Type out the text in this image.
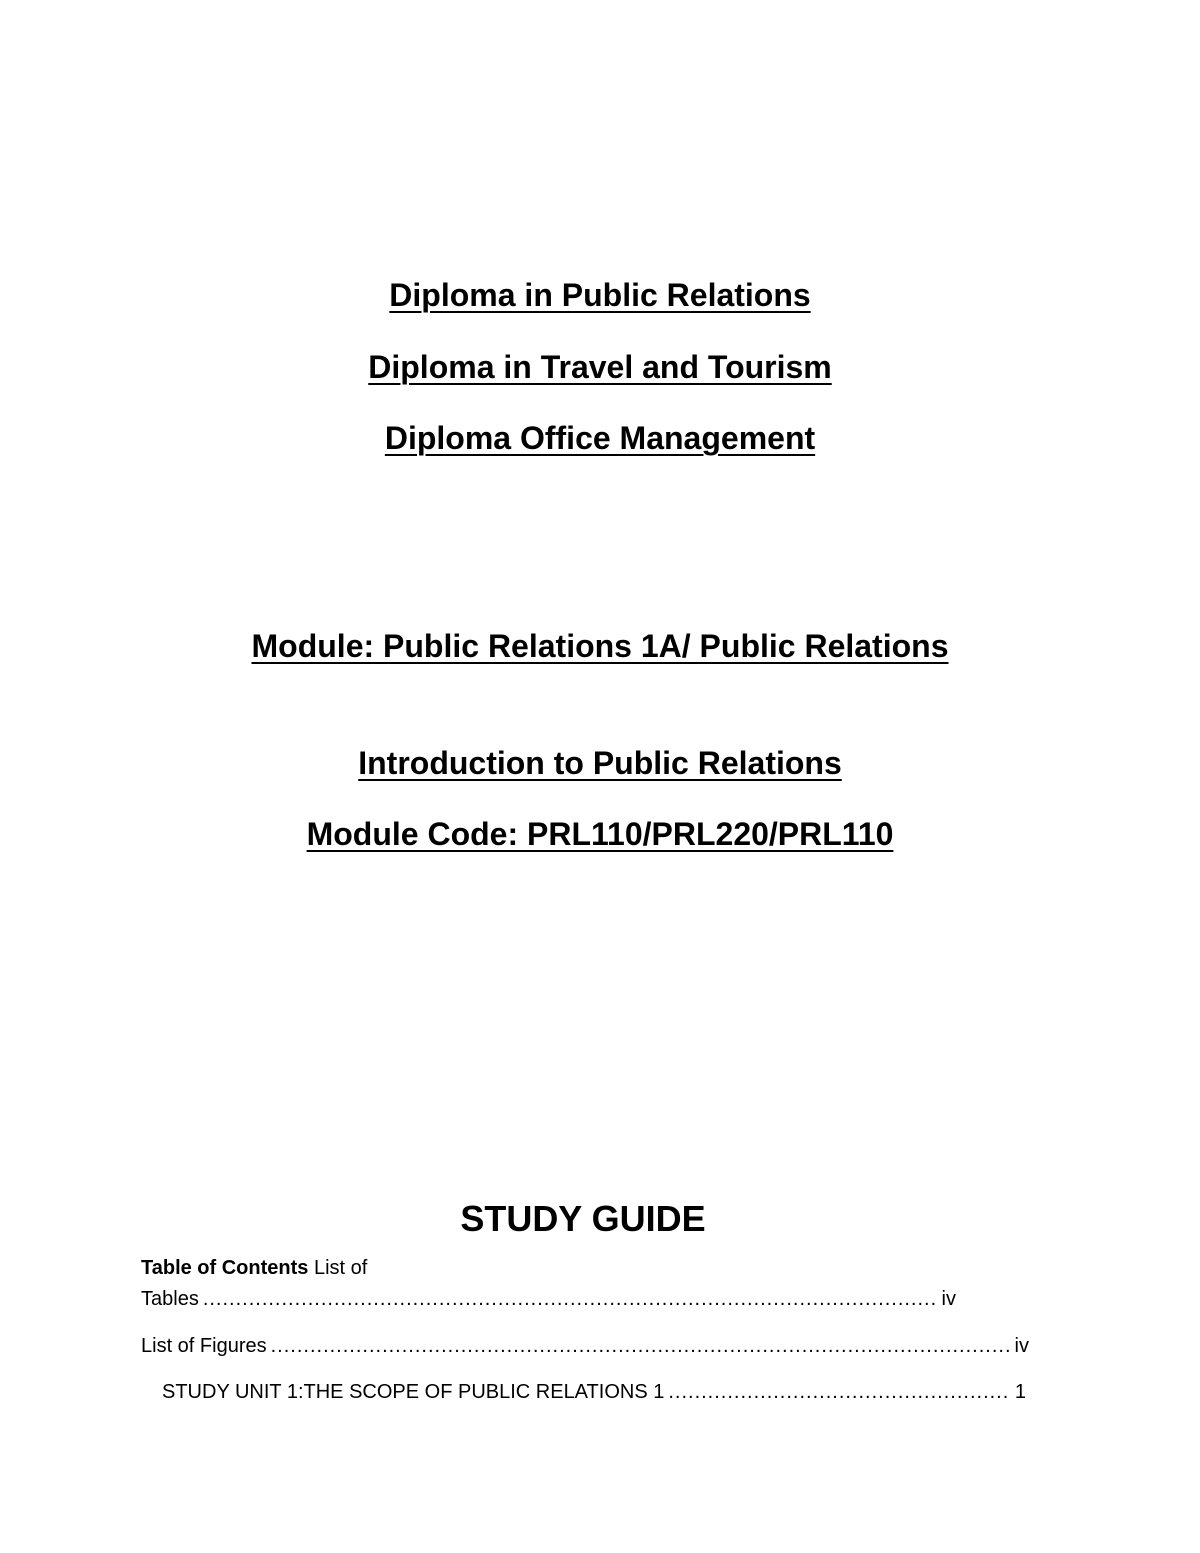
Diploma in Public Relations
Diploma in Travel and Tourism
Diploma Office Management
Module: Public Relations 1A/ Public Relations
Introduction to Public Relations
Module Code: PRL110/PRL220/PRL110
STUDY GUIDE
Table of Contents List of
Tables .....	iv
List of Figures .....	iv
STUDY UNIT 1:THE SCOPE OF PUBLIC RELATIONS 1 .....	1
